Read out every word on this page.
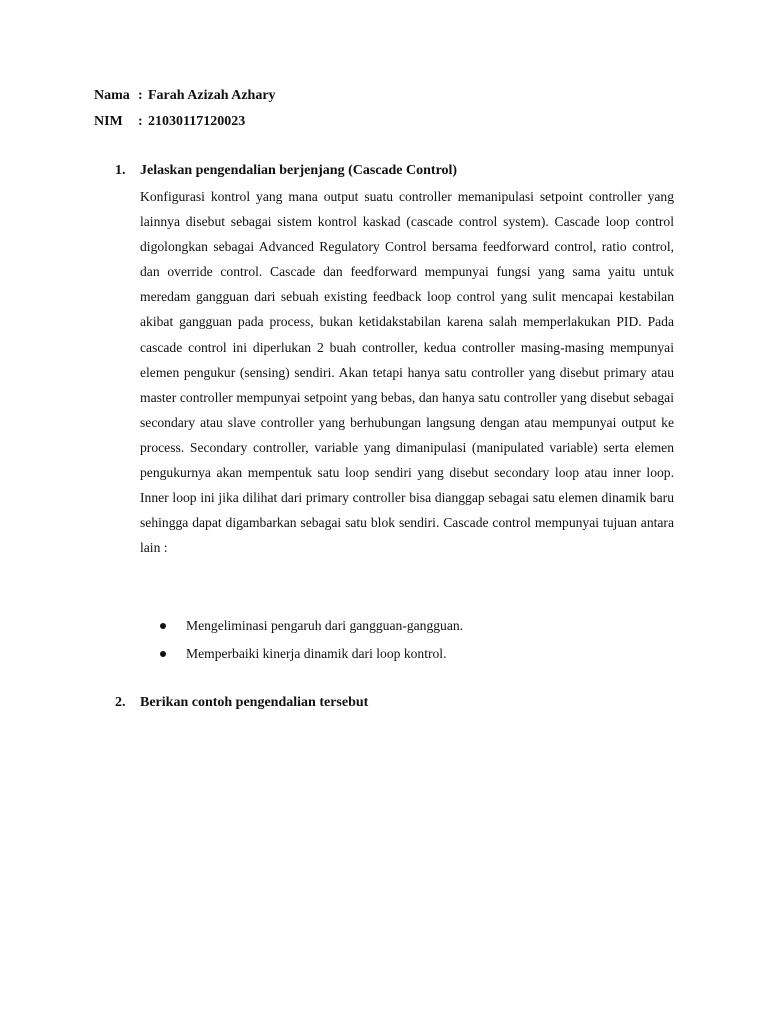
Nama : Farah Azizah Azhary
NIM : 21030117120023
1. Jelaskan pengendalian berjenjang (Cascade Control)
Konfigurasi kontrol yang mana output suatu controller memanipulasi setpoint controller yang lainnya disebut sebagai sistem kontrol kaskad (cascade control system). Cascade loop control digolongkan sebagai Advanced Regulatory Control bersama feedforward control, ratio control, dan override control. Cascade dan feedforward mempunyai fungsi yang sama yaitu untuk meredam gangguan dari sebuah existing feedback loop control yang sulit mencapai kestabilan akibat gangguan pada process, bukan ketidakstabilan karena salah memperlakukan PID. Pada cascade control ini diperlukan 2 buah controller, kedua controller masing-masing mempunyai elemen pengukur (sensing) sendiri. Akan tetapi hanya satu controller yang disebut primary atau master controller mempunyai setpoint yang bebas, dan hanya satu controller yang disebut sebagai secondary atau slave controller yang berhubungan langsung dengan atau mempunyai output ke process. Secondary controller, variable yang dimanipulasi (manipulated variable) serta elemen pengukurnya akan mempentuk satu loop sendiri yang disebut secondary loop atau inner loop. Inner loop ini jika dilihat dari primary controller bisa dianggap sebagai satu elemen dinamik baru sehingga dapat digambarkan sebagai satu blok sendiri. Cascade control mempunyai tujuan antara lain :
Mengeliminasi pengaruh dari gangguan-gangguan.
Memperbaiki kinerja dinamik dari loop kontrol.
2. Berikan contoh pengendalian tersebut
